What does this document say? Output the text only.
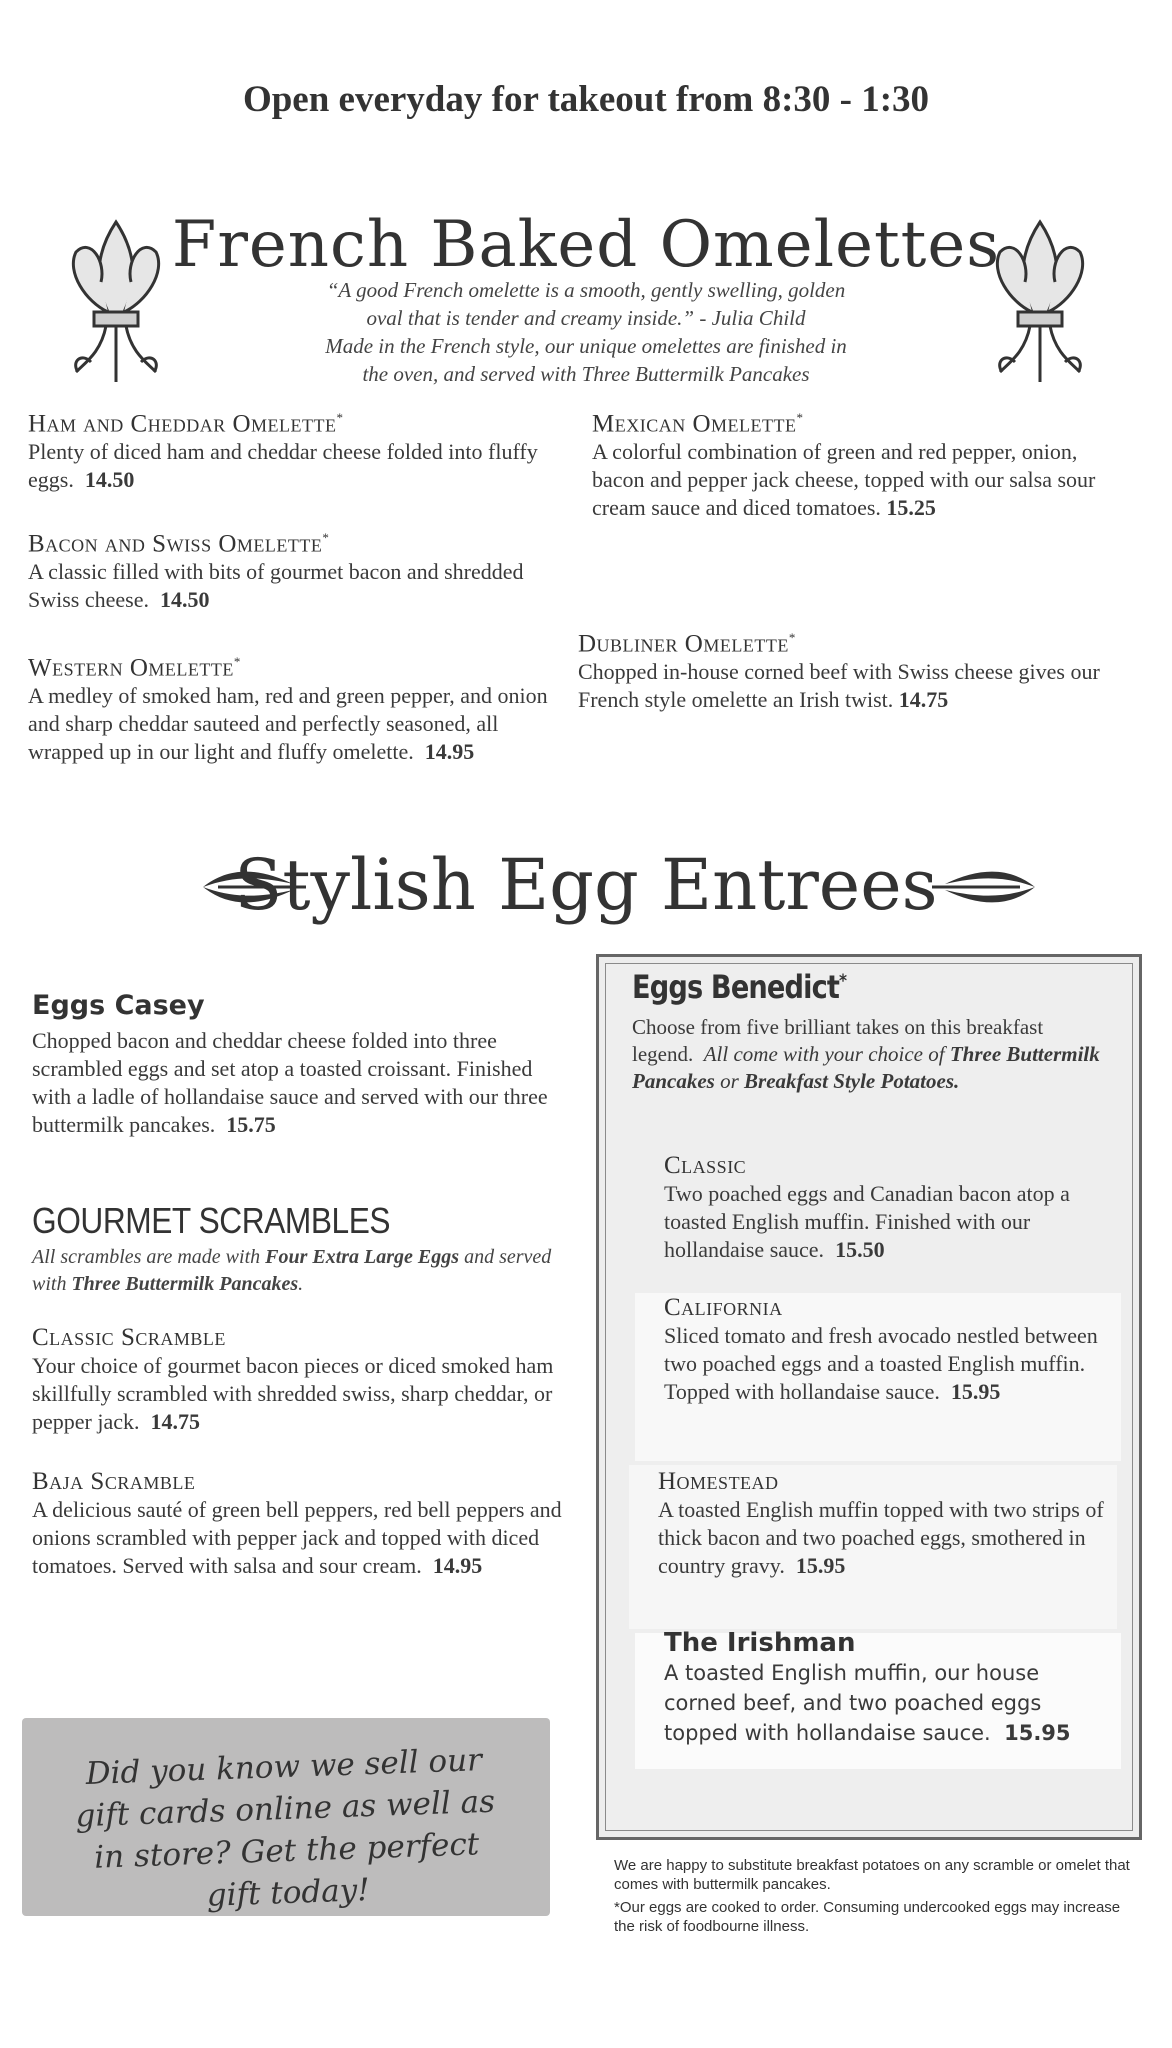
Open everyday for takeout from 8:30 - 1:30
French Baked Omelettes
“A good French omelette is a smooth, gently swelling, golden
oval that is tender and creamy inside.” - Julia Child
Made in the French style, our unique omelettes are finished in
the oven, and served with Three Buttermilk Pancakes
Ham and Cheddar Omelette*
Plenty of diced ham and cheddar cheese folded into fluffy eggs. 14.50
Bacon and Swiss Omelette*
A classic filled with bits of gourmet bacon and shredded Swiss cheese. 14.50
Western Omelette*
A medley of smoked ham, red and green pepper, and onion and sharp cheddar sauteed and perfectly seasoned, all wrapped up in our light and fluffy omelette. 14.95
Mexican Omelette*
A colorful combination of green and red pepper, onion, bacon and pepper jack cheese, topped with our salsa sour cream sauce and diced tomatoes. 15.25
Dubliner Omelette*
Chopped in-house corned beef with Swiss cheese gives our French style omelette an Irish twist. 14.75
Stylish Egg Entrees
Eggs Casey
Chopped bacon and cheddar cheese folded into three scrambled eggs and set atop a toasted croissant. Finished with a ladle of hollandaise sauce and served with our three buttermilk pancakes. 15.75
GOURMET SCRAMBLES
All scrambles are made with Four Extra Large Eggs and served with Three Buttermilk Pancakes.
Classic Scramble
Your choice of gourmet bacon pieces or diced smoked ham skillfully scrambled with shredded swiss, sharp cheddar, or pepper jack. 14.75
Baja Scramble
A delicious sauté of green bell peppers, red bell peppers and onions scrambled with pepper jack and topped with diced tomatoes. Served with salsa and sour cream. 14.95
Eggs Benedict*
Choose from five brilliant takes on this breakfast legend. All come with your choice of Three Buttermilk Pancakes or Breakfast Style Potatoes.
Classic
Two poached eggs and Canadian bacon atop a toasted English muffin. Finished with our hollandaise sauce. 15.50
California
Sliced tomato and fresh avocado nestled between two poached eggs and a toasted English muffin. Topped with hollandaise sauce. 15.95
Homestead
A toasted English muffin topped with two strips of thick bacon and two poached eggs, smothered in country gravy. 15.95
The Irishman
A toasted English muffin, our house corned beef, and two poached eggs topped with hollandaise sauce. 15.95
Did you know we sell our
gift cards online as well as
in store? Get the perfect
gift today!
We are happy to substitute breakfast potatoes on any scramble or omelet that comes with buttermilk pancakes.
*Our eggs are cooked to order. Consuming undercooked eggs may increase the risk of foodbourne illness.
